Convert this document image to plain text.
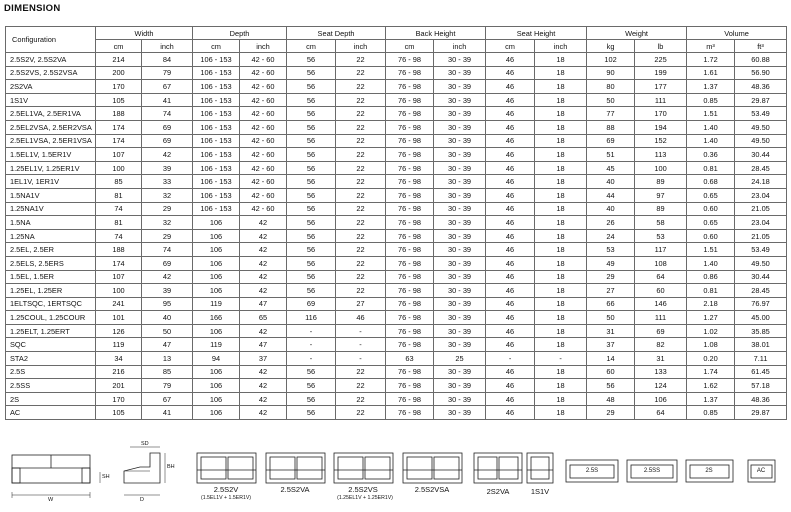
DIMENSION
Configuration	Width		Depth		Seat Depth		Back Height		Seat Height		Weight		Volume	
	cm	inch	cm	inch	cm	inch	cm	inch	cm	inch	kg	lb	m³	ft³
2.5S2V, 2.5S2VA	214	84	106 - 153	42 - 60	56	22	76 - 98	30 - 39	46	18	102	225	1.72	60.88
2.5S2VS, 2.5S2VSA	200	79	106 - 153	42 - 60	56	22	76 - 98	30 - 39	46	18	90	199	1.61	56.90
2S2VA	170	67	106 - 153	42 - 60	56	22	76 - 98	30 - 39	46	18	80	177	1.37	48.36
1S1V	105	41	106 - 153	42 - 60	56	22	76 - 98	30 - 39	46	18	50	111	0.85	29.87
2.5EL1VA, 2.5ER1VA	188	74	106 - 153	42 - 60	56	22	76 - 98	30 - 39	46	18	77	170	1.51	53.49
2.5EL2VSA, 2.5ER2VSA	174	69	106 - 153	42 - 60	56	22	76 - 98	30 - 39	46	18	88	194	1.40	49.50
2.5EL1VSA, 2.5ER1VSA	174	69	106 - 153	42 - 60	56	22	76 - 98	30 - 39	46	18	69	152	1.40	49.50
1.5EL1V, 1.5ER1V	107	42	106 - 153	42 - 60	56	22	76 - 98	30 - 39	46	18	51	113	0.36	30.44
1.25EL1V, 1.25ER1V	100	39	106 - 153	42 - 60	56	22	76 - 98	30 - 39	46	18	45	100	0.81	28.45
1EL1V, 1ER1V	85	33	106 - 153	42 - 60	56	22	76 - 98	30 - 39	46	18	40	89	0.68	24.18
1.5NA1V	81	32	106 - 153	42 - 60	56	22	76 - 98	30 - 39	46	18	44	97	0.65	23.04
1.25NA1V	74	29	106 - 153	42 - 60	56	22	76 - 98	30 - 39	46	18	40	89	0.60	21.05
1.5NA	81	32	106	42	56	22	76 - 98	30 - 39	46	18	26	58	0.65	23.04
1.25NA	74	29	106	42	56	22	76 - 98	30 - 39	46	18	24	53	0.60	21.05
2.5EL, 2.5ER	188	74	106	42	56	22	76 - 98	30 - 39	46	18	53	117	1.51	53.49
2.5ELS, 2.5ERS	174	69	106	42	56	22	76 - 98	30 - 39	46	18	49	108	1.40	49.50
1.5EL, 1.5ER	107	42	106	42	56	22	76 - 98	30 - 39	46	18	29	64	0.86	30.44
1.25EL, 1.25ER	100	39	106	42	56	22	76 - 98	30 - 39	46	18	27	60	0.81	28.45
1ELTSQC, 1ERTSQC	241	95	119	47	69	27	76 - 98	30 - 39	46	18	66	146	2.18	76.97
1.25COUL, 1.25COUR	101	40	166	65	116	46	76 - 98	30 - 39	46	18	50	111	1.27	45.00
1.25ELT, 1.25ERT	126	50	106	42	-	-	76 - 98	30 - 39	46	18	31	69	1.02	35.85
SQC	119	47	119	47	-	-	76 - 98	30 - 39	46	18	37	82	1.08	38.01
STA2	34	13	94	37	-	-	63	25	-	-	14	31	0.20	7.11
2.5S	216	85	106	42	56	22	76 - 98	30 - 39	46	18	60	133	1.74	61.45
2.5SS	201	79	106	42	56	22	76 - 98	30 - 39	46	18	56	124	1.62	57.18
2S	170	67	106	42	56	22	76 - 98	30 - 39	46	18	48	106	1.37	48.36
AC	105	41	106	42	56	22	76 - 98	30 - 39	46	18	29	64	0.85	29.87
W	D
SD
BH
SH
2.5S2V
(1.5EL1V + 1.5ER1V)
2.5S2VA	2.5S2VS
(1.25EL1V + 1.25ER1V)
2.5S2VSA	2S2VA	1S1V
2.5S	2.5SS	2S	AC
